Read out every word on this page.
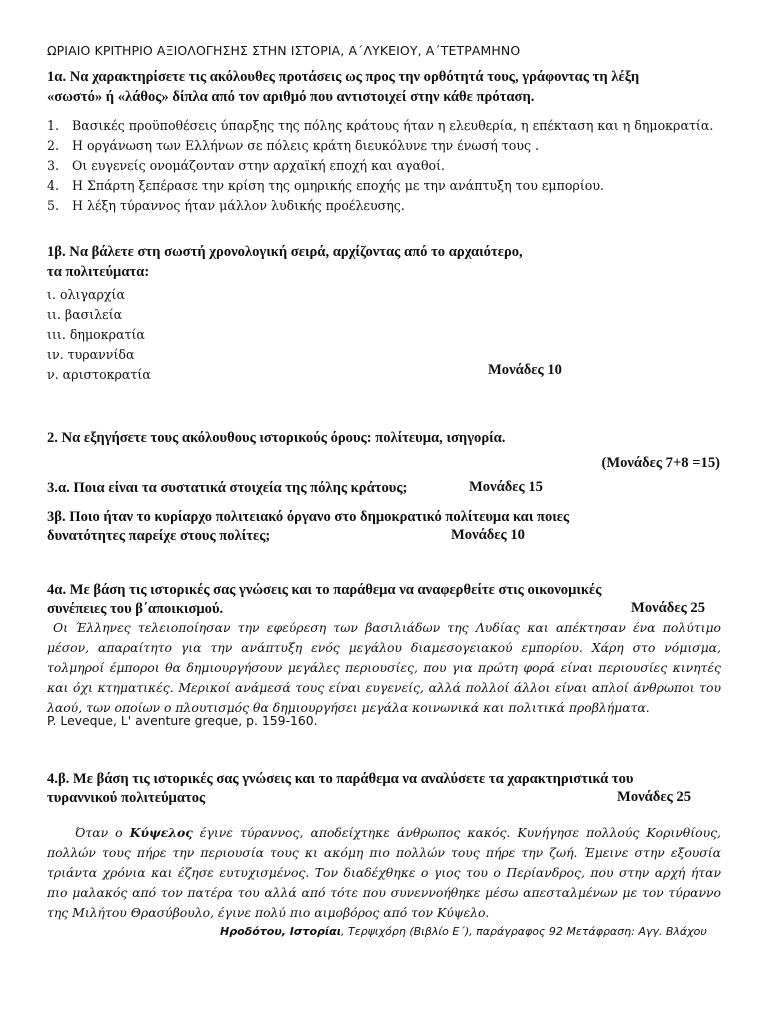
ΩΡΙΑΙΟ ΚΡΙΤΗΡΙΟ ΑΞΙΟΛΟΓΗΣΗΣ ΣΤΗΝ ΙΣΤΟΡΙΑ, Α΄ΛΥΚΕΙΟΥ, Α΄ΤΕΤΡΑΜΗΝΟ
1α. Να χαρακτηρίσετε τις ακόλουθες προτάσεις ως προς την ορθότητά τους, γράφοντας τη λέξη
«σωστό» ή «λάθος» δίπλα από τον αριθμό που αντιστοιχεί στην κάθε πρόταση.
1. Βασικές προϋποθέσεις ύπαρξης της πόλης κράτους ήταν η ελευθερία, η επέκταση και η δημοκρατία.
2. Η οργάνωση των Ελλήνων σε πόλεις κράτη διευκόλυνε την ένωσή τους .
3. Οι ευγενείς ονομάζονταν στην αρχαϊκή εποχή και αγαθοί.
4. Η Σπάρτη ξεπέρασε την κρίση της ομηρικής εποχής με την ανάπτυξη του εμπορίου.
5. Η λέξη τύραννος ήταν μάλλον λυδικής προέλευσης.
1β. Να βάλετε στη σωστή χρονολογική σειρά, αρχίζοντας από το αρχαιότερο,
τα πολιτεύματα:
ι. ολιγαρχία
ιι. βασιλεία
ιιι. δημοκρατία
ιν. τυραννίδα
ν. αριστοκρατία	Μονάδες 10
2. Να εξηγήσετε τους ακόλουθους ιστορικούς όρους: πολίτευμα, ισηγορία.
(Μονάδες 7+8 =15)
3.α. Ποια είναι τα συστατικά στοιχεία της πόλης κράτους;	Μονάδες 15
3β. Ποιο ήταν το κυρίαρχο πολιτειακό όργανο στο δημοκρατικό πολίτευμα και ποιες
δυνατότητες παρείχε στους πολίτες;	Μονάδες 10
4α. Με βάση τις ιστορικές σας γνώσεις και το παράθεμα να αναφερθείτε στις οικονομικές
συνέπειες του β΄αποικισμού.	Μονάδες 25
Οι Έλληνες τελειοποίησαν την εφεύρεση των βασιλιάδων της Λυδίας και απέκτησαν ένα πολύτιμο μέσον, απαραίτητο για την ανάπτυξη ενός μεγάλου διαμεσογειακού εμπορίου. Χάρη στο νόμισμα, τολμηροί έμποροι θα δημιουργήσουν μεγάλες περιουσίες, που για πρώτη φορά είναι περιουσίες κινητές και όχι κτηματικές. Μερικοί ανάμεσά τους είναι ευγενείς, αλλά πολλοί άλλοι είναι απλοί άνθρωποι του λαού, των οποίων ο πλουτισμός θα δημιουργήσει μεγάλα κοινωνικά και πολιτικά προβλήματα.
P. Leveque, L' aventure greque, p. 159-160.
4.β. Με βάση τις ιστορικές σας γνώσεις και το παράθεμα να αναλύσετε τα χαρακτηριστικά του
τυραννικού πολιτεύματος	Μονάδες 25
Όταν ο Κύψελος έγινε τύραννος, αποδείχτηκε άνθρωπος κακός. Κυνήγησε πολλούς Κορινθίους, πολλών τους πήρε την περιουσία τους κι ακόμη πιο πολλών τους πήρε την ζωή. Έμεινε στην εξουσία τριάντα χρόνια και έζησε ευτυχισμένος. Τον διαδέχθηκε ο γιος του ο Περίανδρος, που στην αρχή ήταν πιο μαλακός από τον πατέρα του αλλά από τότε που συνεννοήθηκε μέσω απεσταλμένων με τον τύραννο της Μιλήτου Θρασύβουλο, έγινε πολύ πιο αιμοβόρος από τον Κύψελο.
Ηροδότου, Ιστορίαι, Τερψιχόρη (Βιβλίο Ε΄), παράγραφος 92 Μετάφραση: Αγγ. Βλάχου
